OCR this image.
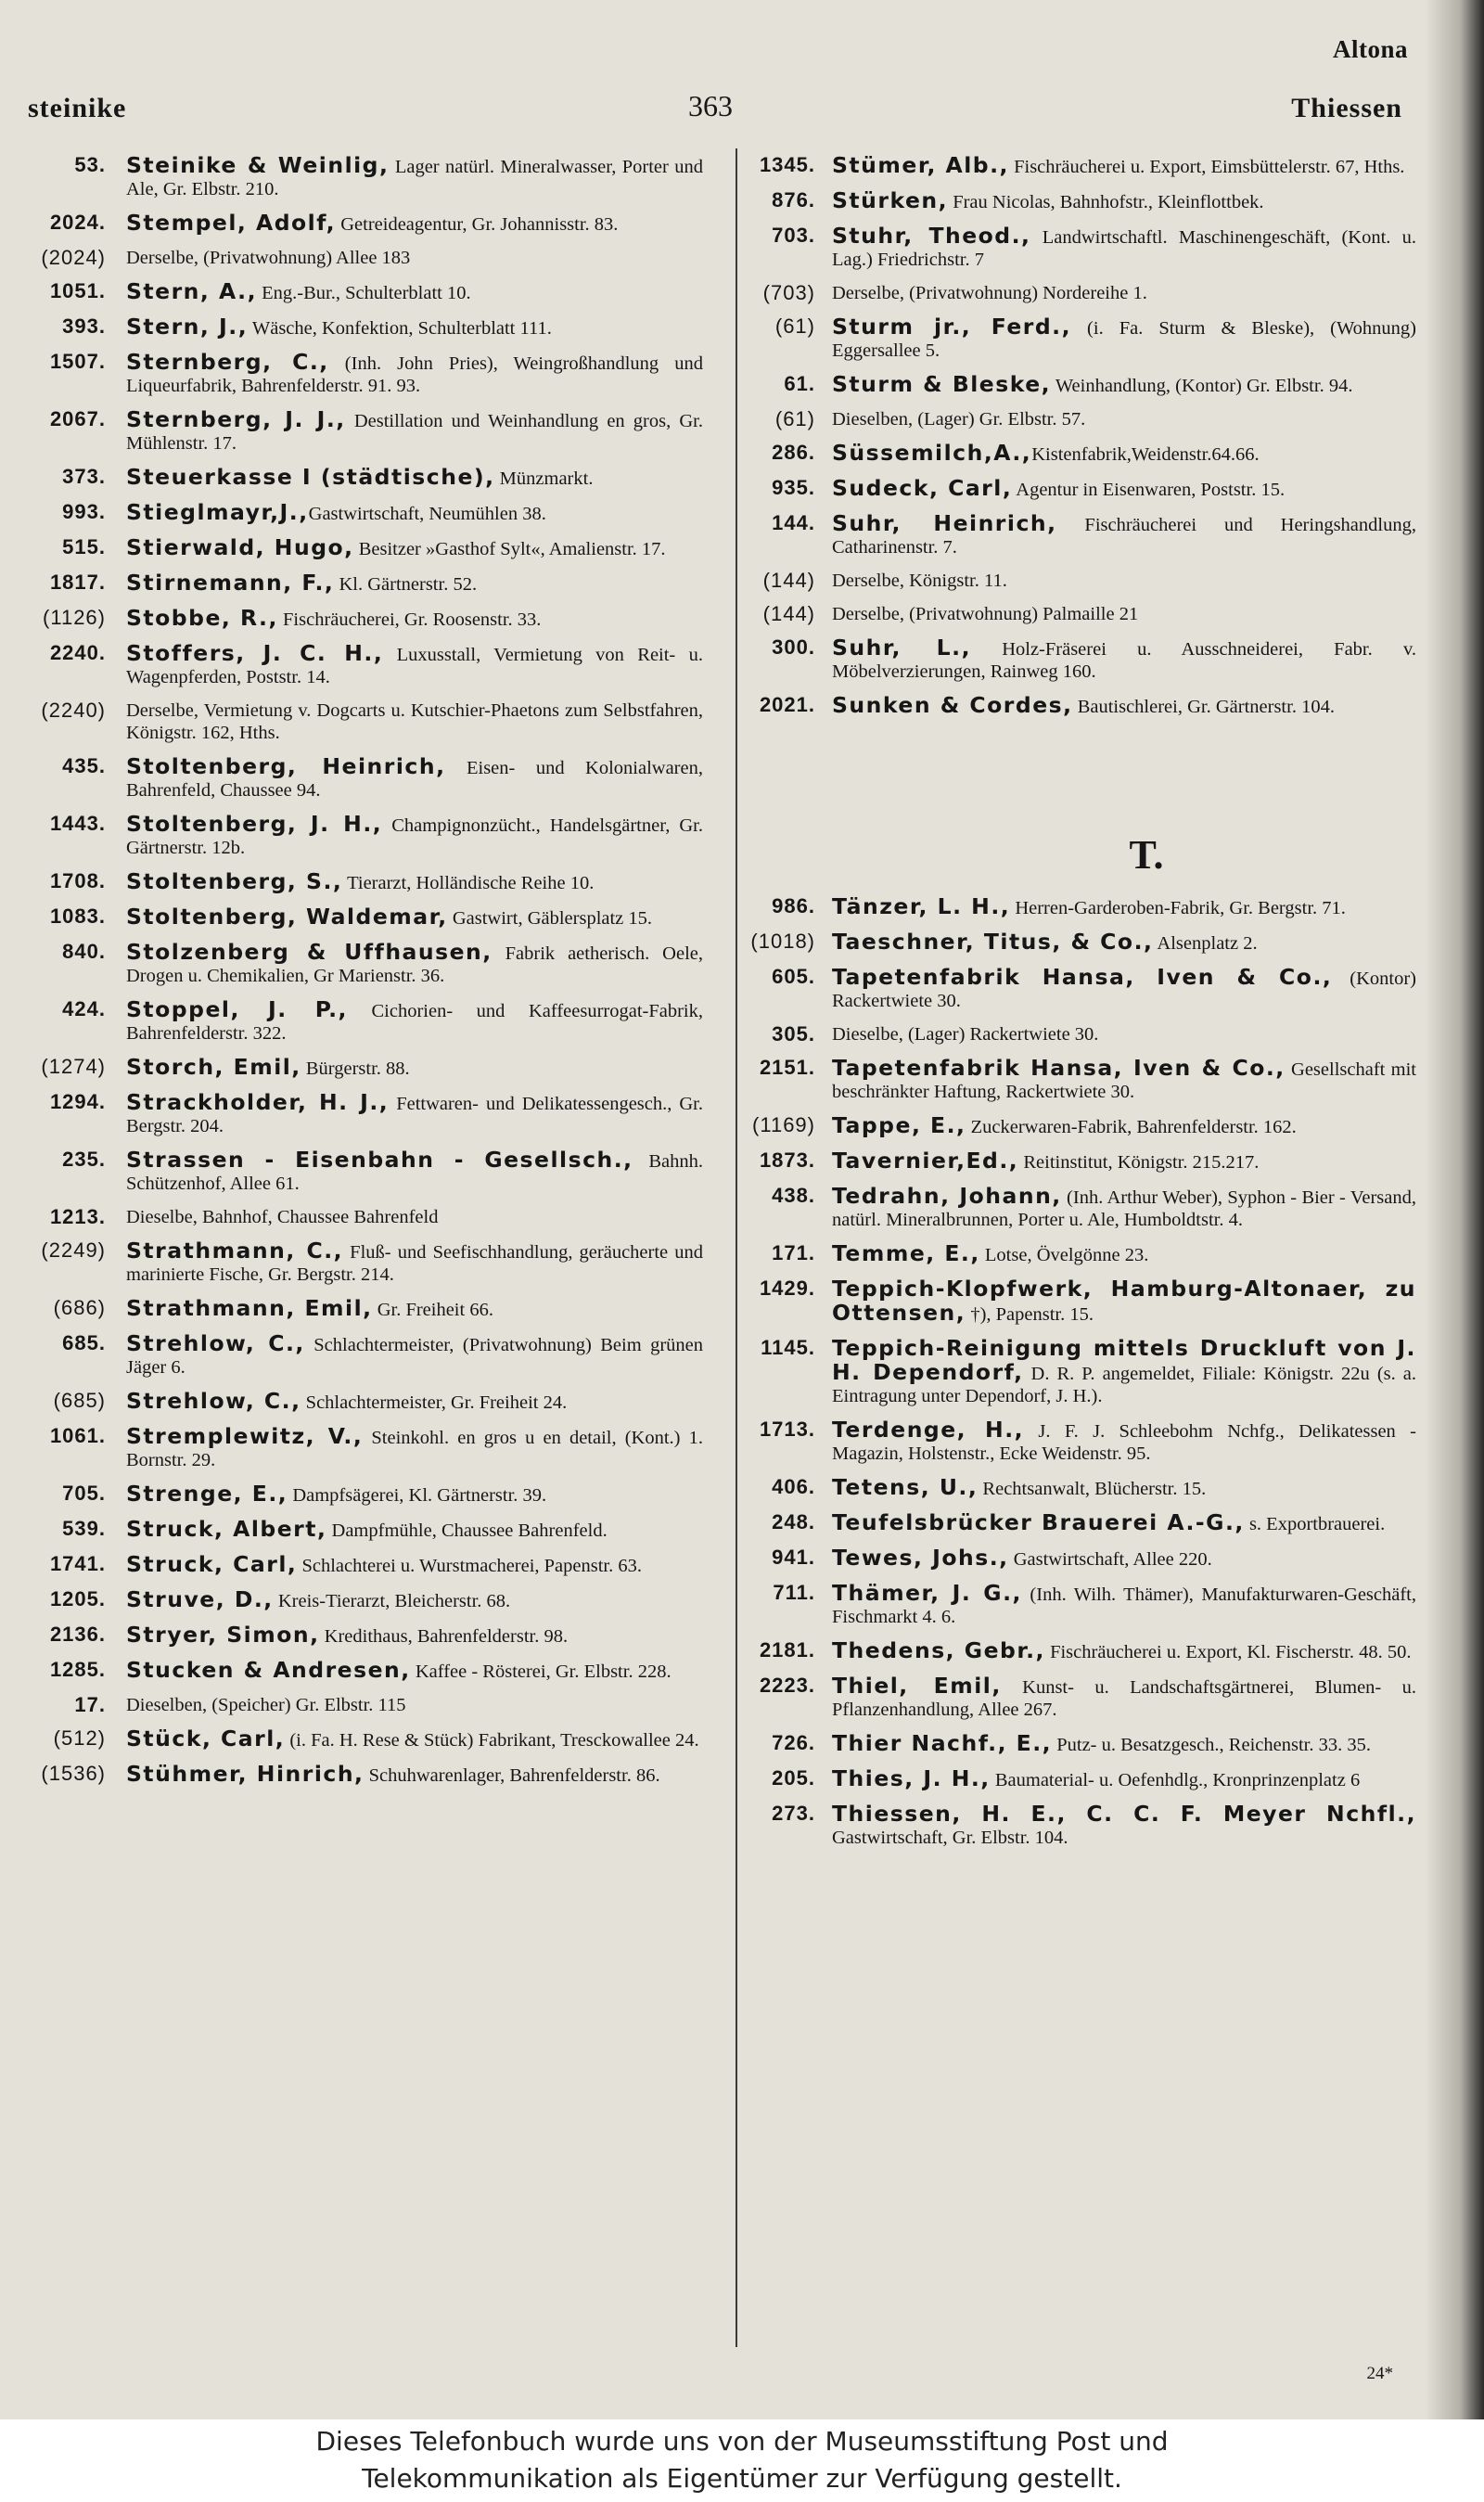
Altona
steinike	363	Thiessen
53. Steinike & Weinlig, Lager natürl. Mineralwasser, Porter und Ale, Gr. Elbstr. 210.
2024. Stempel, Adolf, Getreideagentur, Gr. Johannisstr. 83.
(2024)	Derselbe, (Privatwohnung) Allee 183
1051. Stern, A., Eng.-Bur., Schulterblatt 10.
393. Stern, J., Wäsche, Konfektion, Schulterblatt 111.
1507. Sternberg, C., (Inh. John Pries), Weingroßhandlung und Liqueurfabrik, Bahrenfelderstr. 91. 93.
2067. Sternberg, J. J., Destillation und Weinhandlung en gros, Gr. Mühlenstr. 17.
373. Steuerkasse I (städtische), Münzmarkt.
993. Stieglmayr,J.,Gastwirtschaft, Neumühlen 38.
515. Stierwald, Hugo, Besitzer »Gasthof Sylt«, Amalienstr. 17.
1817. Stirnemann, F., Kl. Gärtnerstr. 52.
(1126) Stobbe, R., Fischräucherei, Gr. Roosenstr. 33.
2240. Stoffers, J. C. H., Luxusstall, Vermietung von Reit- u. Wagenpferden, Poststr. 14.
(2240)	Derselbe, Vermietung v. Dogcarts u. Kutschier-Phaetons zum Selbstfahren, Königstr. 162, Hths.
435. Stoltenberg, Heinrich, Eisen- und Kolonialwaren, Bahrenfeld, Chaussee 94.
1443. Stoltenberg, J. H., Champignonzücht., Handelsgärtner, Gr. Gärtnerstr. 12b.
1708. Stoltenberg, S., Tierarzt, Holländische Reihe 10.
1083. Stoltenberg, Waldemar, Gastwirt, Gäblersplatz 15.
840. Stolzenberg & Uffhausen, Fabrik aetherisch. Oele, Drogen u. Chemikalien, Gr Marienstr. 36.
424. Stoppel, J. P., Cichorien- und Kaffeesurrogat-Fabrik, Bahrenfelderstr. 322.
(1274) Storch, Emil, Bürgerstr. 88.
1294. Strackholder, H. J., Fettwaren- und Delikatessengesch., Gr. Bergstr. 204.
235. Strassen - Eisenbahn - Gesellsch., Bahnh. Schützenhof, Allee 61.
1213.	Dieselbe, Bahnhof, Chaussee Bahrenfeld
(2249) Strathmann, C., Fluß- und Seefischhandlung, geräucherte und marinierte Fische, Gr. Bergstr. 214.
(686) Strathmann, Emil, Gr. Freiheit 66.
685. Strehlow, C., Schlachtermeister, (Privatwohnung) Beim grünen Jäger 6.
(685) Strehlow, C., Schlachtermeister, Gr. Freiheit 24.
1061. Stremplewitz, V., Steinkohl. en gros u en detail, (Kont.) 1. Bornstr. 29.
705. Strenge, E., Dampfsägerei, Kl. Gärtnerstr. 39.
539. Struck, Albert, Dampfmühle, Chaussee Bahrenfeld.
1741. Struck, Carl, Schlachterei u. Wurstmacherei, Papenstr. 63.
1205. Struve, D., Kreis-Tierarzt, Bleicherstr. 68.
2136. Stryer, Simon, Kredithaus, Bahrenfelderstr. 98.
1285. Stucken & Andresen, Kaffee - Rösterei, Gr. Elbstr. 228.
17.	Dieselben, (Speicher) Gr. Elbstr. 115
(512) Stück, Carl, (i. Fa. H. Rese & Stück) Fabrikant, Tresckowallee 24.
(1536) Stühmer, Hinrich, Schuhwarenlager, Bahrenfelderstr. 86.
1345. Stümer, Alb., Fischräucherei u. Export, Eimsbüttelerstr. 67, Hths.
876. Stürken, Frau Nicolas, Bahnhofstr., Kleinflottbek.
703. Stuhr, Theod., Landwirtschaftl. Maschinengeschäft, (Kont. u. Lag.) Friedrichstr. 7
(703) Derselbe, (Privatwohnung) Nordereihe 1.
(61) Sturm jr., Ferd., (i. Fa. Sturm & Bleske), (Wohnung) Eggersallee 5.
61. Sturm & Bleske, Weinhandlung, (Kontor) Gr. Elbstr. 94.
(61) Dieselben, (Lager) Gr. Elbstr. 57.
286. Süssemilch,A.,Kistenfabrik,Weidenstr.64.66.
935. Sudeck, Carl, Agentur in Eisenwaren, Poststr. 15.
144. Suhr, Heinrich, Fischräucherei und Heringshandlung, Catharinenstr. 7.
(144) Derselbe, Königstr. 11.
(144) Derselbe, (Privatwohnung) Palmaille 21
300. Suhr, L., Holz-Fräserei u. Ausschneiderei, Fabr. v. Möbelverzierungen, Rainweg 160.
2021. Sunken & Cordes, Bautischlerei, Gr. Gärtnerstr. 104.
T.
986. Tänzer, L. H., Herren-Garderoben-Fabrik, Gr. Bergstr. 71.
(1018) Taeschner, Titus, & Co., Alsenplatz 2.
605. Tapetenfabrik Hansa, Iven & Co., (Kontor) Rackertwiete 30.
305. Dieselbe, (Lager) Rackertwiete 30.
2151. Tapetenfabrik Hansa, Iven & Co., Gesellschaft mit beschränkter Haftung, Rackertwiete 30.
(1169) Tappe, E., Zuckerwaren-Fabrik, Bahrenfelderstr. 162.
1873. Tavernier,Ed., Reitinstitut, Königstr. 215.217.
438. Tedrahn, Johann, (Inh. Arthur Weber), Syphon - Bier - Versand, natürl. Mineralbrunnen, Porter u. Ale, Humboldtstr. 4.
171. Temme, E., Lotse, Övelgönne 23.
1429. Teppich-Klopfwerk, Hamburg-Altonaer, zu Ottensen, †), Papenstr. 15.
1145. Teppich-Reinigung mittels Druckluft von J. H. Dependorf, D. R. P. angemeldet, Filiale: Königstr. 22u (s. a. Eintragung unter Dependorf, J. H.).
1713. Terdenge, H., J. F. J. Schleebohm Nchfg., Delikatessen - Magazin, Holstenstr., Ecke Weidenstr. 95.
406. Tetens, U., Rechtsanwalt, Blücherstr. 15.
248. Teufelsbrücker Brauerei A.-G., s. Exportbrauerei.
941. Tewes, Johs., Gastwirtschaft, Allee 220.
711. Thämer, J. G., (Inh. Wilh. Thämer), Manufakturwaren-Geschäft, Fischmarkt 4. 6.
2181. Thedens, Gebr., Fischräucherei u. Export, Kl. Fischerstr. 48. 50.
2223. Thiel, Emil, Kunst- u. Landschaftsgärtnerei, Blumen- u. Pflanzenhandlung, Allee 267.
726. Thier Nachf., E., Putz- u. Besatzgesch., Reichenstr. 33. 35.
205. Thies, J. H., Baumaterial- u. Oefenhdlg., Kronprinzenplatz 6
273. Thiessen, H. E., C. C. F. Meyer Nchfl., Gastwirtschaft, Gr. Elbstr. 104.
24*
Dieses Telefonbuch wurde uns von der Museumsstiftung Post und
Telekommunikation als Eigentümer zur Verfügung gestellt.
